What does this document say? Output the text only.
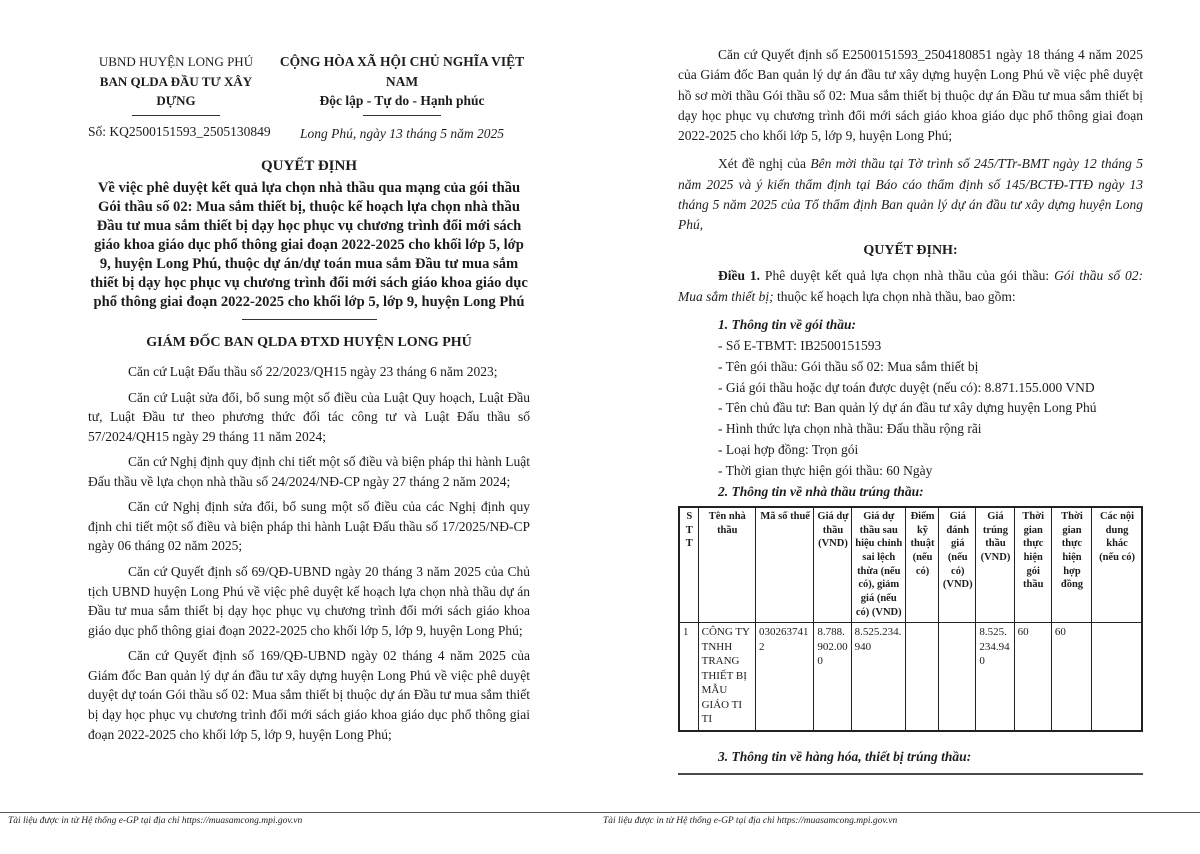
UBND HUYỆN LONG PHÚ
BAN QLDA ĐẦU TƯ XÂY DỰNG
Số: KQ2500151593_2505130849
CỘNG HÒA XÃ HỘI CHỦ NGHĨA VIỆT NAM
Độc lập - Tự do - Hạnh phúc
Long Phú, ngày 13 tháng 5 năm 2025
QUYẾT ĐỊNH
Về việc phê duyệt kết quả lựa chọn nhà thầu qua mạng của gói thầu Gói thầu số 02: Mua sắm thiết bị, thuộc kế hoạch lựa chọn nhà thầu Đầu tư mua sắm thiết bị dạy học phục vụ chương trình đổi mới sách giáo khoa giáo dục phổ thông giai đoạn 2022-2025 cho khối lớp 5, lớp 9, huyện Long Phú, thuộc dự án/dự toán mua sắm Đầu tư mua sắm thiết bị dạy học phục vụ chương trình đổi mới sách giáo khoa giáo dục phổ thông giai đoạn 2022-2025 cho khối lớp 5, lớp 9, huyện Long Phú
GIÁM ĐỐC BAN QLDA ĐTXD HUYỆN LONG PHÚ

Căn cứ Luật Đấu thầu số 22/2023/QH15 ngày 23 tháng 6 năm 2023;

Căn cứ Luật sửa đổi, bổ sung một số điều của Luật Quy hoạch, Luật Đầu tư, Luật Đầu tư theo phương thức đối tác công tư và Luật Đấu thầu số 57/2024/QH15 ngày 29 tháng 11 năm 2024;

Căn cứ Nghị định quy định chi tiết một số điều và biện pháp thi hành Luật Đấu thầu về lựa chọn nhà thầu số 24/2024/NĐ-CP ngày 27 tháng 2 năm 2024;

Căn cứ Nghị định sửa đổi, bổ sung một số điều của các Nghị định quy định chi tiết một số điều và biện pháp thi hành Luật Đấu thầu số 17/2025/NĐ-CP ngày 06 tháng 02 năm 2025;

Căn cứ Quyết định số 69/QĐ-UBND ngày 20 tháng 3 năm 2025 của Chủ tịch UBND huyện Long Phú về việc phê duyệt kế hoạch lựa chọn nhà thầu dự án Đầu tư mua sắm thiết bị dạy học phục vụ chương trình đổi mới sách giáo khoa giáo dục phổ thông giai đoạn 2022-2025 cho khối lớp 5, lớp 9, huyện Long Phú;

Căn cứ Quyết định số 169/QĐ-UBND ngày 02 tháng 4 năm 2025 của Giám đốc Ban quản lý dự án đầu tư xây dựng huyện Long Phú về việc phê duyệt duyệt dự toán Gói thầu số 02: Mua sắm thiết bị thuộc dự án Đầu tư mua sắm thiết bị dạy học phục vụ chương trình đổi mới sách giáo khoa giáo dục phổ thông giai đoạn 2022-2025 cho khối lớp 5, lớp 9, huyện Long Phú;

Tài liệu được in từ Hệ thống e-GP tại địa chỉ https://muasamcong.mpi.gov.vn

Căn cứ Quyết định số E2500151593_2504180851 ngày 18 tháng 4 năm 2025 của Giám đốc Ban quản lý dự án đầu tư xây dựng huyện Long Phú về việc phê duyệt hồ sơ mời thầu Gói thầu số 02: Mua sắm thiết bị thuộc dự án Đầu tư mua sắm thiết bị dạy học phục vụ chương trình đổi mới sách giáo khoa giáo dục phổ thông giai đoạn 2022-2025 cho khối lớp 5, lớp 9, huyện Long Phú;

Xét đề nghị của Bên mời thầu tại Tờ trình số 245/TTr-BMT ngày 12 tháng 5 năm 2025 và ý kiến thẩm định tại Báo cáo thẩm định số 145/BCTĐ-TTĐ ngày 13 tháng 5 năm 2025 của Tổ thẩm định Ban quản lý dự án đầu tư xây dựng huyện Long Phú,

QUYẾT ĐỊNH:

Điều 1. Phê duyệt kết quả lựa chọn nhà thầu của gói thầu: Gói thầu số 02: Mua sắm thiết bị; thuộc kế hoạch lựa chọn nhà thầu, bao gồm:

1. Thông tin về gói thầu:

- Số E-TBMT: IB2500151593
- Tên gói thầu: Gói thầu số 02: Mua sắm thiết bị
- Giá gói thầu hoặc dự toán được duyệt (nếu có): 8.871.155.000 VND
- Tên chủ đầu tư: Ban quản lý dự án đầu tư xây dựng huyện Long Phú
- Hình thức lựa chọn nhà thầu: Đấu thầu rộng rãi
- Loại hợp đồng: Trọn gói
- Thời gian thực hiện gói thầu: 60 Ngày

2. Thông tin về nhà thầu trúng thầu:

STT	Tên nhà thầu	Mã số thuế	Giá dự thầu (VND)	Giá dự thầu sau hiệu chỉnh sai lệch thừa (nếu có), giảm giá (nếu có) (VND)	Điểm kỹ thuật (nếu có)	Giá đánh giá (nếu có) (VND)	Giá trúng thầu (VND)	Thời gian thực hiện gói thầu	Thời gian thực hiện hợp đồng	Các nội dung khác (nếu có)
1	CÔNG TY TNHH TRANG THIẾT BỊ MẪU GIÁO TI TI	0302637412	8.788.902.000	8.525.234.940			8.525.234.940	60	60	

3. Thông tin về hàng hóa, thiết bị trúng thầu:

Tài liệu được in từ Hệ thống e-GP tại địa chỉ https://muasamcong.mpi.gov.vn
